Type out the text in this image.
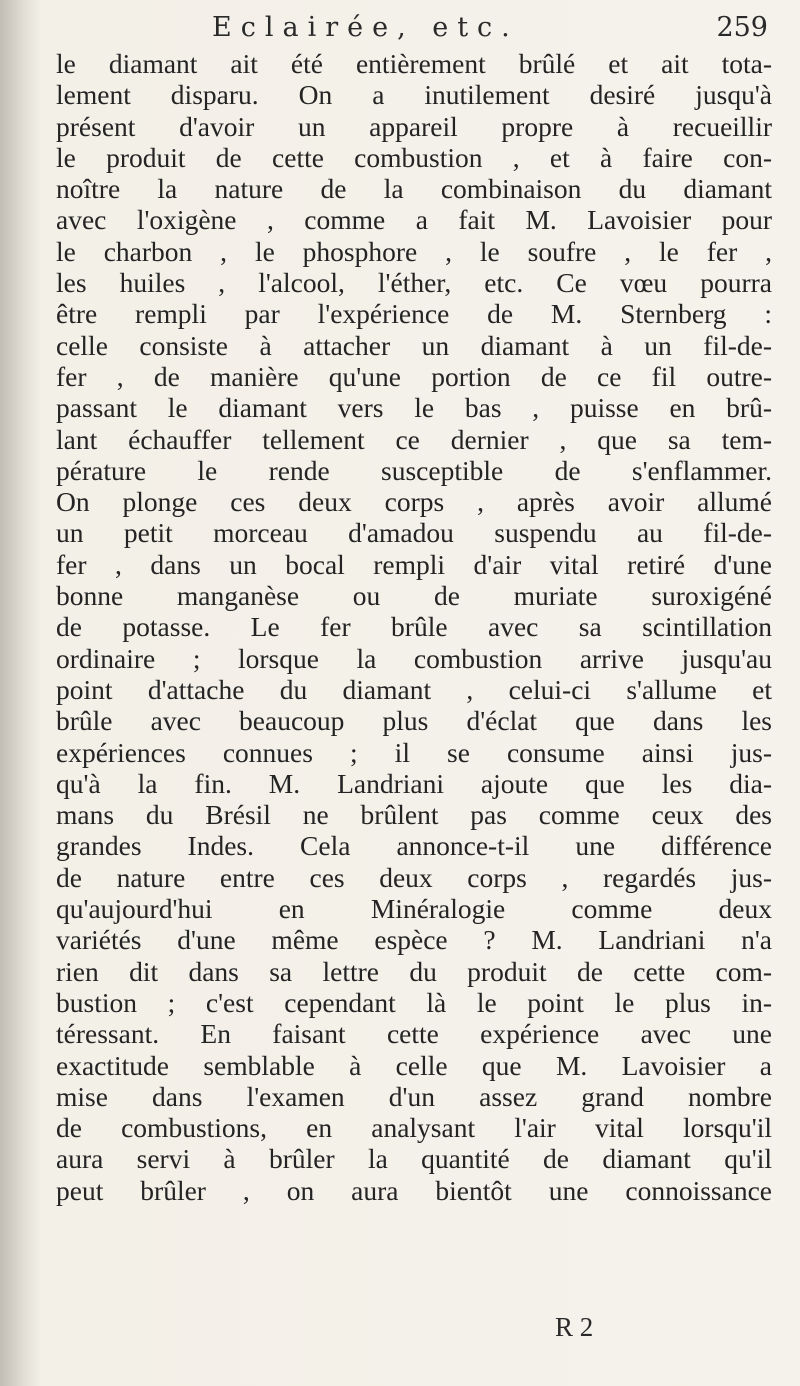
Eclairée, etc.	259
le diamant ait été entièrement brûlé et ait tota-
lement disparu. On a inutilement desiré jusqu'à
présent d'avoir un appareil propre à recueillir
le produit de cette combustion , et à faire con-
noître la nature de la combinaison du diamant
avec l'oxigène , comme a fait M. Lavoisier pour
le charbon , le phosphore , le soufre , le fer ,
les huiles , l'alcool, l'éther, etc. Ce vœu pourra
être rempli par l'expérience de M. Sternberg :
celle consiste à attacher un diamant à un fil-de-
fer , de manière qu'une portion de ce fil outre-
passant le diamant vers le bas , puisse en brû-
lant échauffer tellement ce dernier , que sa tem-
pérature le rende susceptible de s'enflammer.
On plonge ces deux corps , après avoir allumé
un petit morceau d'amadou suspendu au fil-de-
fer , dans un bocal rempli d'air vital retiré d'une
bonne manganèse ou de muriate suroxigéné
de potasse. Le fer brûle avec sa scintillation
ordinaire ; lorsque la combustion arrive jusqu'au
point d'attache du diamant , celui-ci s'allume et
brûle avec beaucoup plus d'éclat que dans les
expériences connues ; il se consume ainsi jus-
qu'à la fin. M. Landriani ajoute que les dia-
mans du Brésil ne brûlent pas comme ceux des
grandes Indes. Cela annonce-t-il une différence
de nature entre ces deux corps , regardés jus-
qu'aujourd'hui en Minéralogie comme deux
variétés d'une même espèce ? M. Landriani n'a
rien dit dans sa lettre du produit de cette com-
bustion ; c'est cependant là le point le plus in-
téressant. En faisant cette expérience avec une
exactitude semblable à celle que M. Lavoisier a
mise dans l'examen d'un assez grand nombre
de combustions, en analysant l'air vital lorsqu'il
aura servi à brûler la quantité de diamant qu'il
peut brûler , on aura bientôt une connoissance
R 2
